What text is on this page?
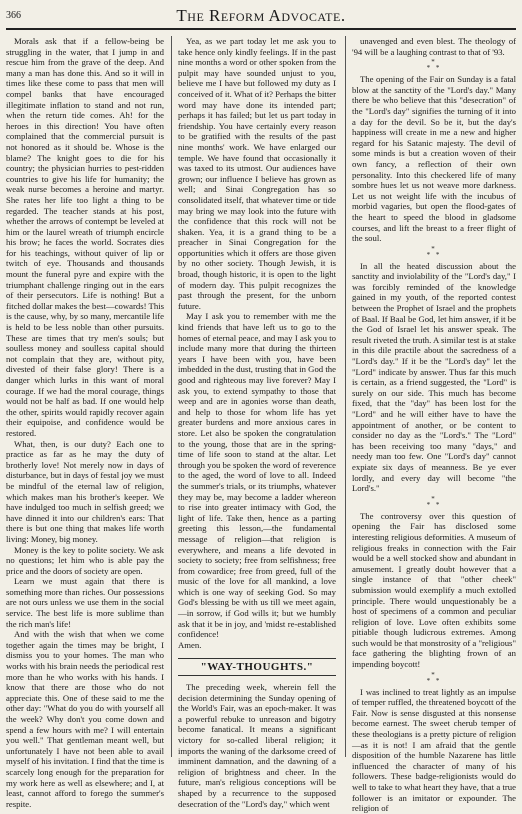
366	The Reform Advocate.

Morals ask that if a fellow-being be struggling in the water, that I jump in and rescue him from the grave of the deep. And many a man has done this. And so it will in times like these come to pass that men will compel banks that have encouraged illegitimate inflation to stand and not run, when the return tide comes. Ah! for the heroes in this direction! You have often complained that the commercial pursuit is not honored as it should be. Whose is the blame? The knight goes to die for his country; the physician hurries to pest-ridden countries to give his life for humanity; the weak nurse becomes a heroine and martyr. She rates her life too light a thing to be regarded. The teacher stands at his post, whether the arrows of contempt be leveled at him or the laurel wreath of triumph encircle his brow; he faces the world. Socrates dies for his teachings, without quiver of lip or twitch of eye. Thousands and thousands mount the funeral pyre and expire with the triumphant challenge ringing out in the ears of their persecutors. Life is nothing! But a fitched dollar makes the best—cowards! This is the cause, why, by so many, mercantile life is held to be less noble than other pursuits. These are times that try men's souls; but soulless money and soulless capital should not complain that they are, without pity, divested of their false glory! There is a danger which lurks in this want of moral courage. If we had the moral courage, things would not be half as bad. If one would help the other, spirits would rapidly recover again their equipoise, and confidence would be restored.

What, then, is our duty? Each one to practice as far as he may the duty of brotherly love! Not merely now in days of disturbance, but in days of festal joy we must be mindful of the eternal law of religion, which makes man his brother's keeper. We have indulged too much in selfish greed; we have dinned it into our children's ears: That there is but one thing that makes life worth living: Money, big money.

Money is the key to polite society. We ask no questions; let him who is able pay the price and the doors of society are open.

Learn we must again that there is something more than riches. Our possessions are not ours unless we use them in the social service. The best life is more sublime than the rich man's life!

And with the wish that when we come together again the times may be bright, I dismiss you to your homes. The man who works with his brain needs the periodical rest more than he who works with his hands. I know that there are those who do not appreciate this. One of these said to me the other day: "What do you do with yourself all the week? Why don't you come down and spend a few hours with me? I will entertain you well." That gentleman meant well, but unfortunately I have not been able to avail myself of his invitation. I find that the time is scarcely long enough for the preparation for my work here as well as elsewhere; and I, at least, cannot afford to forego the summer's respite.

Yea, as we part today let me ask you to take hence only kindly feelings. If in the past nine months a word or other spoken from the pulpit may have sounded unjust to you, believe me I have but followed my duty as I conceived of it. What of it? Perhaps the bitter word may have done its intended part; perhaps it has failed; but let us part today in friendship. You have certainly every reason to be gratified with the results of the past nine months' work. We have enlarged our temple. We have found that occasionally it was taxed to its utmost. Our audiences have grown; our influence I believe has grown as well; and Sinai Congregation has so consolidated itself, that whatever time or tide may bring we may look into the future with the confidence that this rock will not be shaken. Yea, it is a grand thing to be a preacher in Sinai Congregation for the opportunities which it offers are those given by no other society. Though Jewish, it is broad, though historic, it is open to the light of modern day. This pulpit recognizes the past through the present, for the unborn future.

May I ask you to remember with me the kind friends that have left us to go to the homes of eternal peace, and may I ask you to include many more that during the thirteen years I have been with you, have been imbedded in the dust, trusting that in God the good and righteous may live forever? May I ask you, to extend sympathy to those that weep and are in agonies worse than death, and help to those for whom life has yet greater burdens and more anxious cares in store. Let also be spoken the congratulation to the young, those that are in the spring-time of life soon to stand at the altar. Let through you be spoken the word of reverence to the aged, the word of love to all. Indeed the summer's trials, or its triumphs, whatever they may be, may become a ladder whereon to rise into greater intimacy with God, the light of life. Take then, hence as a parting greeting this lesson,—the fundamental message of religion—that religion is everywhere, and means a life devoted in society to society; free from selfishness; free from cowardice; free from greed, full of the music of the love for all mankind, a love which is one way of seeking God. So may God's blessing be with us till we meet again,—in sorrow, if God wills it; but we humbly ask that it be in joy, and 'midst re-established confidence!

Amen.

"WAY-THOUGHTS."

The preceding week, wherein fell the decision determining the Sunday opening of the World's Fair, was an epoch-maker. It was a powerful rebuke to unreason and bigotry become fanatical. It means a significant victory for so-called liberal religion; it imports the waning of the darksome creed of imminent damnation, and the dawning of a religion of brightness and cheer. In the future, man's religious conceptions will be shaped by a recurrence to the supposed desecration of the "Lord's day," which went

unavenged and even blest. The theology of '94 will be a laughing contrast to that of '93.

*
* *

The opening of the Fair on Sunday is a fatal blow at the sanctity of the "Lord's day." Many there be who believe that this "desecration" of the "Lord's day" signifies the turning of it into a day for the devil. So be it, but the day's happiness will create in me a new and higher regard for his Satanic majesty. The devil of some minds is but a creation woven of their own fancy, a reflection of their own personality. Into this checkered life of many sombre hues let us not weave more darkness. Let us not weight life with the incubus of morbid vagaries, but open the flood-gates of the heart to speed the blood in gladsome courses, and lift the breast to a freer flight of the soul.

*
* *

In all the heated discussion about the sanctity and inviolability of the "Lord's day," I was forcibly reminded of the knowledge gained in my youth, of the reported contest between the Prophet of Israel and the prophets of Baal. If Baal be God, let him answer, if it be the God of Israel let his answer speak. The result riveted the truth. A similar test is at stake in this dile practile about the sacredness of a "Lord's day." If it be the "Lord's day" let the "Lord" indicate by answer. Thus far this much is certain, as a friend suggested, the "Lord" is surely on our side. This much has become fixed, that the "day" has been lost for the "Lord" and he will either have to have the appointment of another, or be content to consider no day as the "Lord's." The "Lord" has been receiving too many "days," and needy man too few. One "Lord's day" cannot expiate six days of meanness. Be ye ever lordly, and every day will become "the Lord's."

*
* *

The controversy over this question of opening the Fair has disclosed some interesting religious deformities. A museum of religious freaks in connection with the Fair would be a well stocked show and abundant in amusement. I greatly doubt however that a single instance of that "other cheek" submission would exemplify a much extolled principle. There would unquestionably be a host of specimens of a common and peculiar religion of love. Love often exhibits some pitiable though ludicrous extremes. Among such would be that monstrosity of a "religious" face gathering the blighting frown of an impending boycott!

*
* *

I was inclined to treat lightly as an impulse of temper ruffled, the threatened boycott of the Fair. Now is sense disgusted at this nonsense become earnest. The sweet cherub temper of these theologians is a pretty picture of religion—as it is not! I am afraid that the gentle disposition of the humble Nazarene has little influenced the character of many of his followers. These badge-religionists would do well to take to what heart they have, that a true follower is an imitator or expounder. The religion of
